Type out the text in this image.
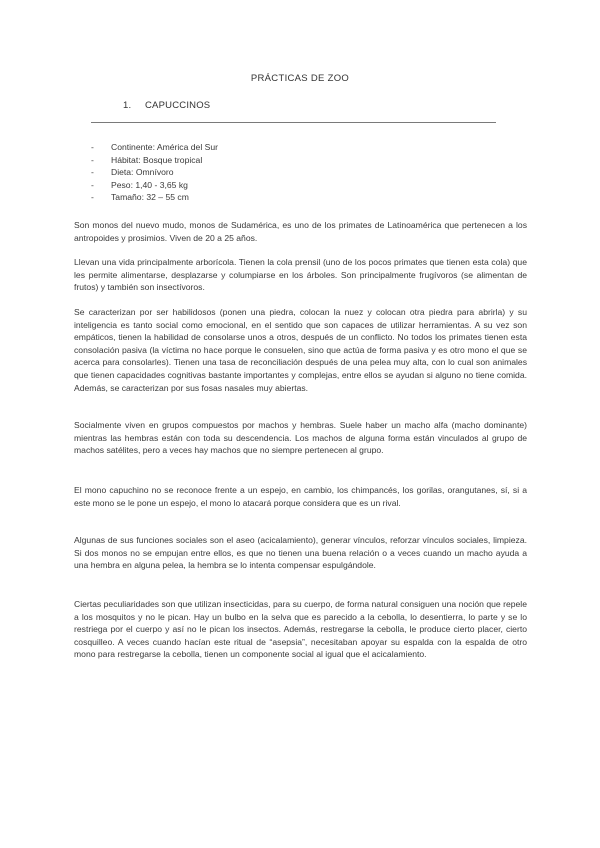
PRÁCTICAS DE ZOO
1. CAPUCCINOS
- Continente: América del Sur
- Hábitat: Bosque tropical
- Dieta: Omnívoro
- Peso: 1,40 - 3,65 kg
- Tamaño: 32 – 55 cm

Son monos del nuevo mudo, monos de Sudamérica, es uno de los primates de Latinoamérica que pertenecen a los antropoides y prosimios. Viven de 20 a 25 años.

Llevan una vida principalmente arborícola. Tienen la cola prensil (uno de los pocos primates que tienen esta cola) que les permite alimentarse, desplazarse y columpiarse en los árboles. Son principalmente frugívoros (se alimentan de frutos) y también son insectívoros.

Se caracterizan por ser habilidosos (ponen una piedra, colocan la nuez y colocan otra piedra para abrirla) y su inteligencia es tanto social como emocional, en el sentido que son capaces de utilizar herramientas. A su vez son empáticos, tienen la habilidad de consolarse unos a otros, después de un conflicto. No todos los primates tienen esta consolación pasiva (la víctima no hace porque le consuelen, sino que actúa de forma pasiva y es otro mono el que se acerca para consolarles). Tienen una tasa de reconciliación después de una pelea muy alta, con lo cual son animales que tienen capacidades cognitivas bastante importantes y complejas, entre ellos se ayudan si alguno no tiene comida. Además, se caracterizan por sus fosas nasales muy abiertas.

Socialmente viven en grupos compuestos por machos y hembras. Suele haber un macho alfa (macho dominante) mientras las hembras están con toda su descendencia. Los machos de alguna forma están vinculados al grupo de machos satélites, pero a veces hay machos que no siempre pertenecen al grupo.

El mono capuchino no se reconoce frente a un espejo, en cambio, los chimpancés, los gorilas, orangutanes, sí, si a este mono se le pone un espejo, el mono lo atacará porque considera que es un rival.

Algunas de sus funciones sociales son el aseo (acicalamiento), generar vínculos, reforzar vínculos sociales, limpieza. Si dos monos no se empujan entre ellos, es que no tienen una buena relación o a veces cuando un macho ayuda a una hembra en alguna pelea, la hembra se lo intenta compensar espulgándole.

Ciertas peculiaridades son que utilizan insecticidas, para su cuerpo, de forma natural consiguen una noción que repele a los mosquitos y no le pican. Hay un bulbo en la selva que es parecido a la cebolla, lo desentierra, lo parte y se lo restriega por el cuerpo y así no le pican los insectos. Además, restregarse la cebolla, le produce cierto placer, cierto cosquilleo. A veces cuando hacían este ritual de “asepsia”, necesitaban apoyar su espalda con la espalda de otro mono para restregarse la cebolla, tienen un componente social al igual que el acicalamiento.
